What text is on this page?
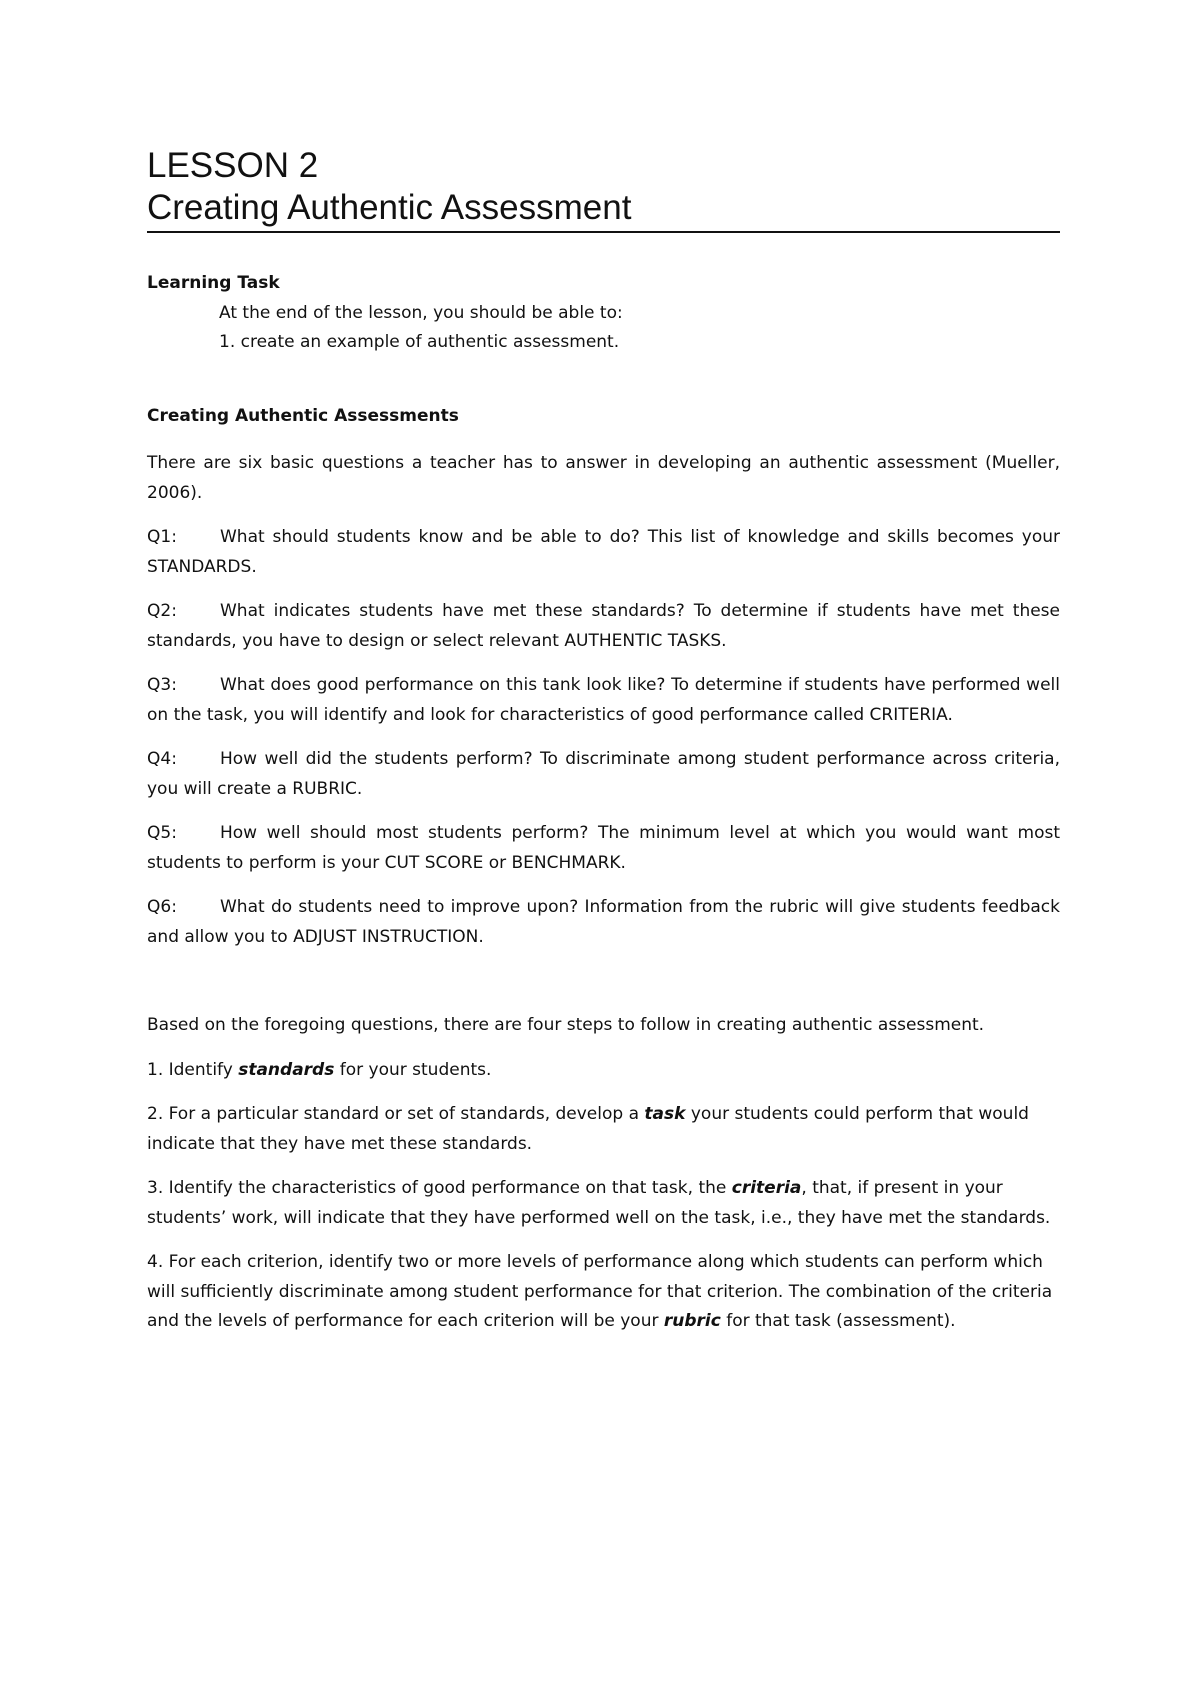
LESSON 2
Creating Authentic Assessment

Learning Task

At the end of the lesson, you should be able to:

1. create an example of authentic assessment.

Creating Authentic Assessments

There are six basic questions a teacher has to answer in developing an authentic assessment (Mueller, 2006).

Q1:	What should students know and be able to do? This list of knowledge and skills becomes your STANDARDS.

Q2:	What indicates students have met these standards? To determine if students have met these standards, you have to design or select relevant AUTHENTIC TASKS.

Q3:	What does good performance on this tank look like? To determine if students have performed well on the task, you will identify and look for characteristics of good performance called CRITERIA.

Q4:	How well did the students perform? To discriminate among student performance across criteria, you will create a RUBRIC.

Q5:	How well should most students perform? The minimum level at which you would want most students to perform is your CUT SCORE or BENCHMARK.

Q6:	What do students need to improve upon? Information from the rubric will give students feedback and allow you to ADJUST INSTRUCTION.

Based on the foregoing questions, there are four steps to follow in creating authentic assessment.

1. Identify standards for your students.

2. For a particular standard or set of standards, develop a task your students could perform that would indicate that they have met these standards.

3. Identify the characteristics of good performance on that task, the criteria, that, if present in your students’ work, will indicate that they have performed well on the task, i.e., they have met the standards.

4. For each criterion, identify two or more levels of performance along which students can perform which will sufficiently discriminate among student performance for that criterion. The combination of the criteria and the levels of performance for each criterion will be your rubric for that task (assessment).
